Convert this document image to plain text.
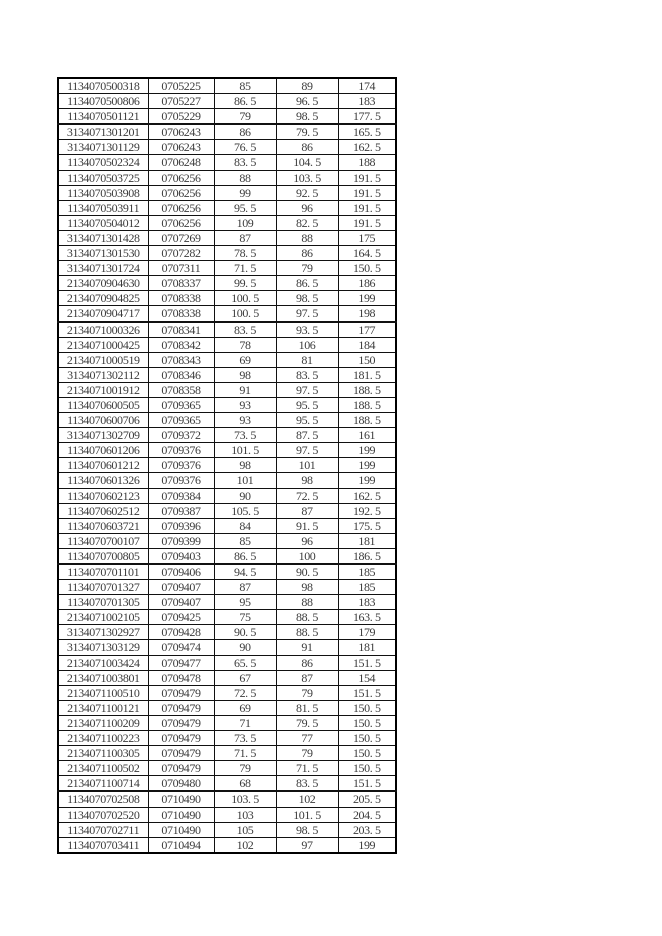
1134070500318	0705225	85	89	174
1134070500806	0705227	86. 5	96. 5	183
1134070501121	0705229	79	98. 5	177. 5
3134071301201	0706243	86	79. 5	165. 5
3134071301129	0706243	76. 5	86	162. 5
1134070502324	0706248	83. 5	104. 5	188
1134070503725	0706256	88	103. 5	191. 5
1134070503908	0706256	99	92. 5	191. 5
1134070503911	0706256	95. 5	96	191. 5
1134070504012	0706256	109	82. 5	191. 5
3134071301428	0707269	87	88	175
3134071301530	0707282	78. 5	86	164. 5
3134071301724	0707311	71. 5	79	150. 5
2134070904630	0708337	99. 5	86. 5	186
2134070904825	0708338	100. 5	98. 5	199
2134070904717	0708338	100. 5	97. 5	198
2134071000326	0708341	83. 5	93. 5	177
2134071000425	0708342	78	106	184
2134071000519	0708343	69	81	150
3134071302112	0708346	98	83. 5	181. 5
2134071001912	0708358	91	97. 5	188. 5
1134070600505	0709365	93	95. 5	188. 5
1134070600706	0709365	93	95. 5	188. 5
3134071302709	0709372	73. 5	87. 5	161
1134070601206	0709376	101. 5	97. 5	199
1134070601212	0709376	98	101	199
1134070601326	0709376	101	98	199
1134070602123	0709384	90	72. 5	162. 5
1134070602512	0709387	105. 5	87	192. 5
1134070603721	0709396	84	91. 5	175. 5
1134070700107	0709399	85	96	181
1134070700805	0709403	86. 5	100	186. 5
1134070701101	0709406	94. 5	90. 5	185
1134070701327	0709407	87	98	185
1134070701305	0709407	95	88	183
2134071002105	0709425	75	88. 5	163. 5
3134071302927	0709428	90. 5	88. 5	179
3134071303129	0709474	90	91	181
2134071003424	0709477	65. 5	86	151. 5
2134071003801	0709478	67	87	154
2134071100510	0709479	72. 5	79	151. 5
2134071100121	0709479	69	81. 5	150. 5
2134071100209	0709479	71	79. 5	150. 5
2134071100223	0709479	73. 5	77	150. 5
2134071100305	0709479	71. 5	79	150. 5
2134071100502	0709479	79	71. 5	150. 5
2134071100714	0709480	68	83. 5	151. 5
1134070702508	0710490	103. 5	102	205. 5
1134070702520	0710490	103	101. 5	204. 5
1134070702711	0710490	105	98. 5	203. 5
1134070703411	0710494	102	97	199
